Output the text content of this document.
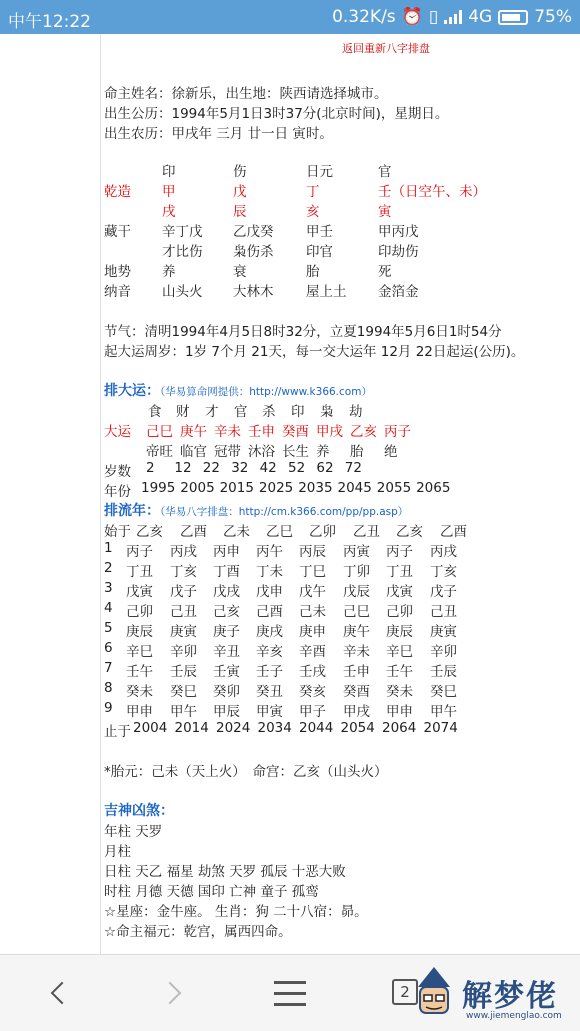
中午12:22	0.32K/s ⏰ ▯ 4G 75%
返回重新八字排盘
命主姓名：徐新乐，出生地：陕西请选择城市。
出生公历：1994年5月1日3时37分(北京时间)，星期日。
出生农历：甲戌年 三月 廿一日 寅时。
印	伤	日元	官
乾造 甲	戊	丁	壬（日空午、未）
戌	辰	亥	寅
藏干 辛丁戊 乙戊癸 甲壬	甲丙戊
才比伤 枭伤杀 印官	印劫伤
地势 养	衰	胎	死
纳音 山头火 大林木 屋上土 金箔金
节气：清明1994年4月5日8时32分，立夏1994年5月6日1时54分
起大运周岁：1岁 7个月 21天，每一交大运年 12月 22日起运(公历)。
排大运：（华易算命网提供：http://www.k366.com）
食 财 才 官 杀 印 枭 劫
大运 己巳 庚午 辛未 壬申 癸酉 甲戌 乙亥 丙子
帝旺 临官 冠带 沐浴 长生 养 胎 绝
岁数 2 12 22 32 42 52 62 72
年份 1995 2005 2015 2025 2035 2045 2055 2065
排流年：（华易八字排盘：http://cm.k366.com/pp/pp.asp）
始于 乙亥 乙酉 乙未 乙巳 乙卯 乙丑 乙亥 乙酉
1 丙子 丙戌 丙申 丙午 丙辰 丙寅 丙子 丙戌
2 丁丑 丁亥 丁酉 丁未 丁巳 丁卯 丁丑 丁亥
3 戊寅 戊子 戊戌 戊申 戊午 戊辰 戊寅 戊子
4 己卯 己丑 己亥 己酉 己未 己巳 己卯 己丑
5 庚辰 庚寅 庚子 庚戌 庚申 庚午 庚辰 庚寅
6 辛巳 辛卯 辛丑 辛亥 辛酉 辛未 辛巳 辛卯
7 壬午 壬辰 壬寅 壬子 壬戌 壬申 壬午 壬辰
8 癸未 癸巳 癸卯 癸丑 癸亥 癸酉 癸未 癸巳
9 甲申 甲午 甲辰 甲寅 甲子 甲戌 甲申 甲午
止于 2004 2014 2024 2034 2044 2054 2064 2074
*胎元：己未（天上火）　命宫：乙亥（山头火）
吉神凶煞：
年柱 天罗
月柱
日柱 天乙 福星 劫煞 天罗 孤辰 十恶大败
时柱 月德 天德 国印 亡神 童子 孤鸾
☆星座：金牛座。 生肖：狗 二十八宿：昴。
☆命主福元：乾宫，属西四命。
2 解梦佬
www.jiemenglao.com
